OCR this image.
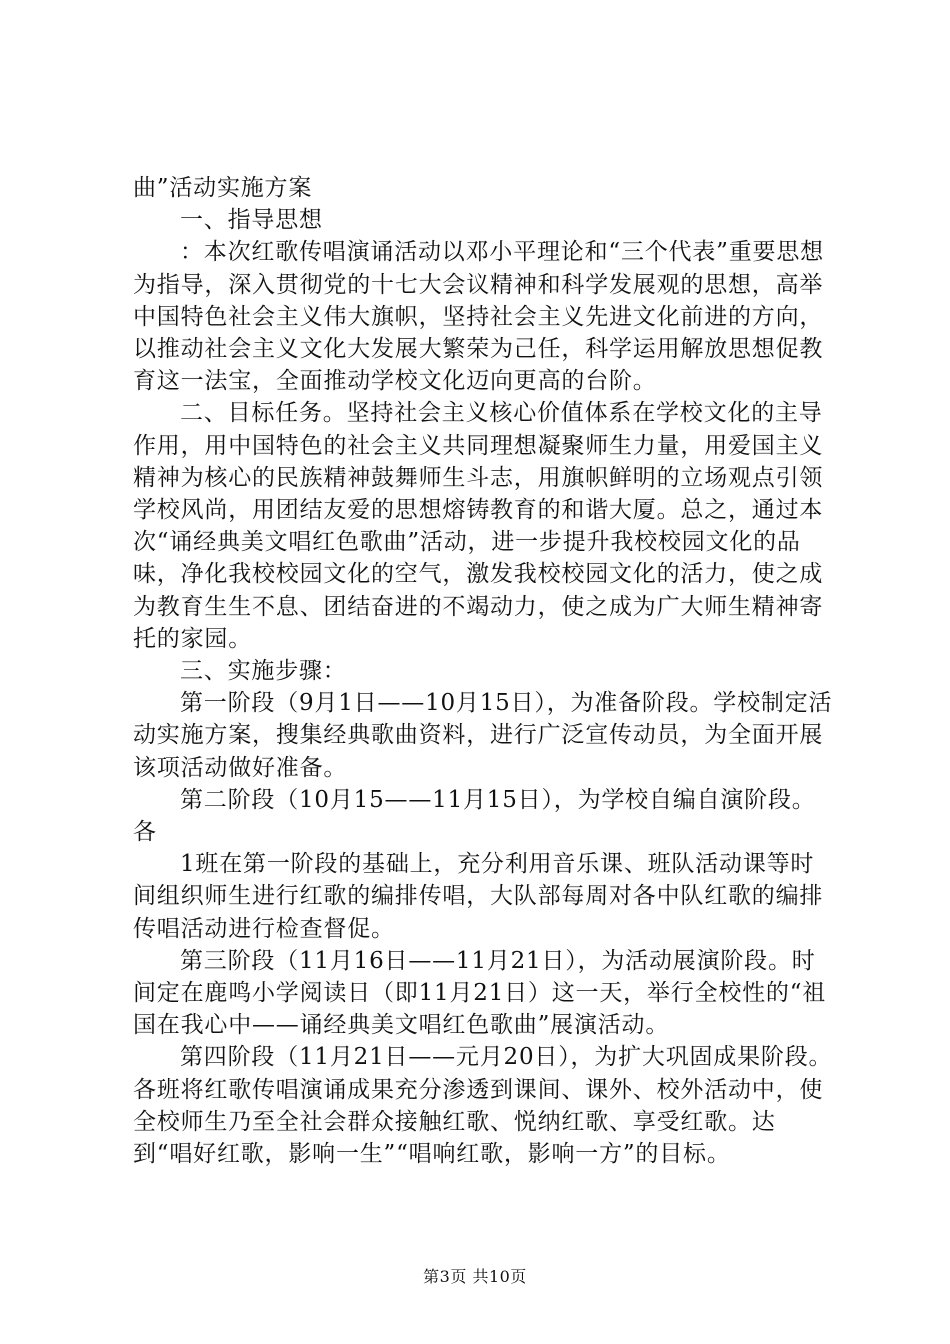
曲”活动实施方案

一、指导思想

：本次红歌传唱演诵活动以邓小平理论和“三个代表”重要思想为指导，深入贯彻党的十七大会议精神和科学发展观的思想，高举中国特色社会主义伟大旗帜，坚持社会主义先进文化前进的方向，以推动社会主义文化大发展大繁荣为己任，科学运用解放思想促教育这一法宝，全面推动学校文化迈向更高的台阶。

二、目标任务。坚持社会主义核心价值体系在学校文化的主导作用，用中国特色的社会主义共同理想凝聚师生力量，用爱国主义精神为核心的民族精神鼓舞师生斗志，用旗帜鲜明的立场观点引领学校风尚，用团结友爱的思想熔铸教育的和谐大厦。总之，通过本次“诵经典美文唱红色歌曲”活动，进一步提升我校校园文化的品味，净化我校校园文化的空气，激发我校校园文化的活力，使之成为教育生生不息、团结奋进的不竭动力，使之成为广大师生精神寄托的家园。

三、实施步骤：

第一阶段（9月1日——10月15日），为准备阶段。学校制定活动实施方案，搜集经典歌曲资料，进行广泛宣传动员，为全面开展该项活动做好准备。

第二阶段（10月15——11月15日），为学校自编自演阶段。各

1班在第一阶段的基础上，充分利用音乐课、班队活动课等时间组织师生进行红歌的编排传唱，大队部每周对各中队红歌的编排传唱活动进行检查督促。

第三阶段（11月16日——11月21日），为活动展演阶段。时间定在鹿鸣小学阅读日（即11月21日）这一天，举行全校性的“祖国在我心中——诵经典美文唱红色歌曲”展演活动。

第四阶段（11月21日——元月20日），为扩大巩固成果阶段。各班将红歌传唱演诵成果充分渗透到课间、课外、校外活动中，使全校师生乃至全社会群众接触红歌、悦纳红歌、享受红歌。达到“唱好红歌，影响一生”“唱响红歌，影响一方”的目标。

第3页 共10页
